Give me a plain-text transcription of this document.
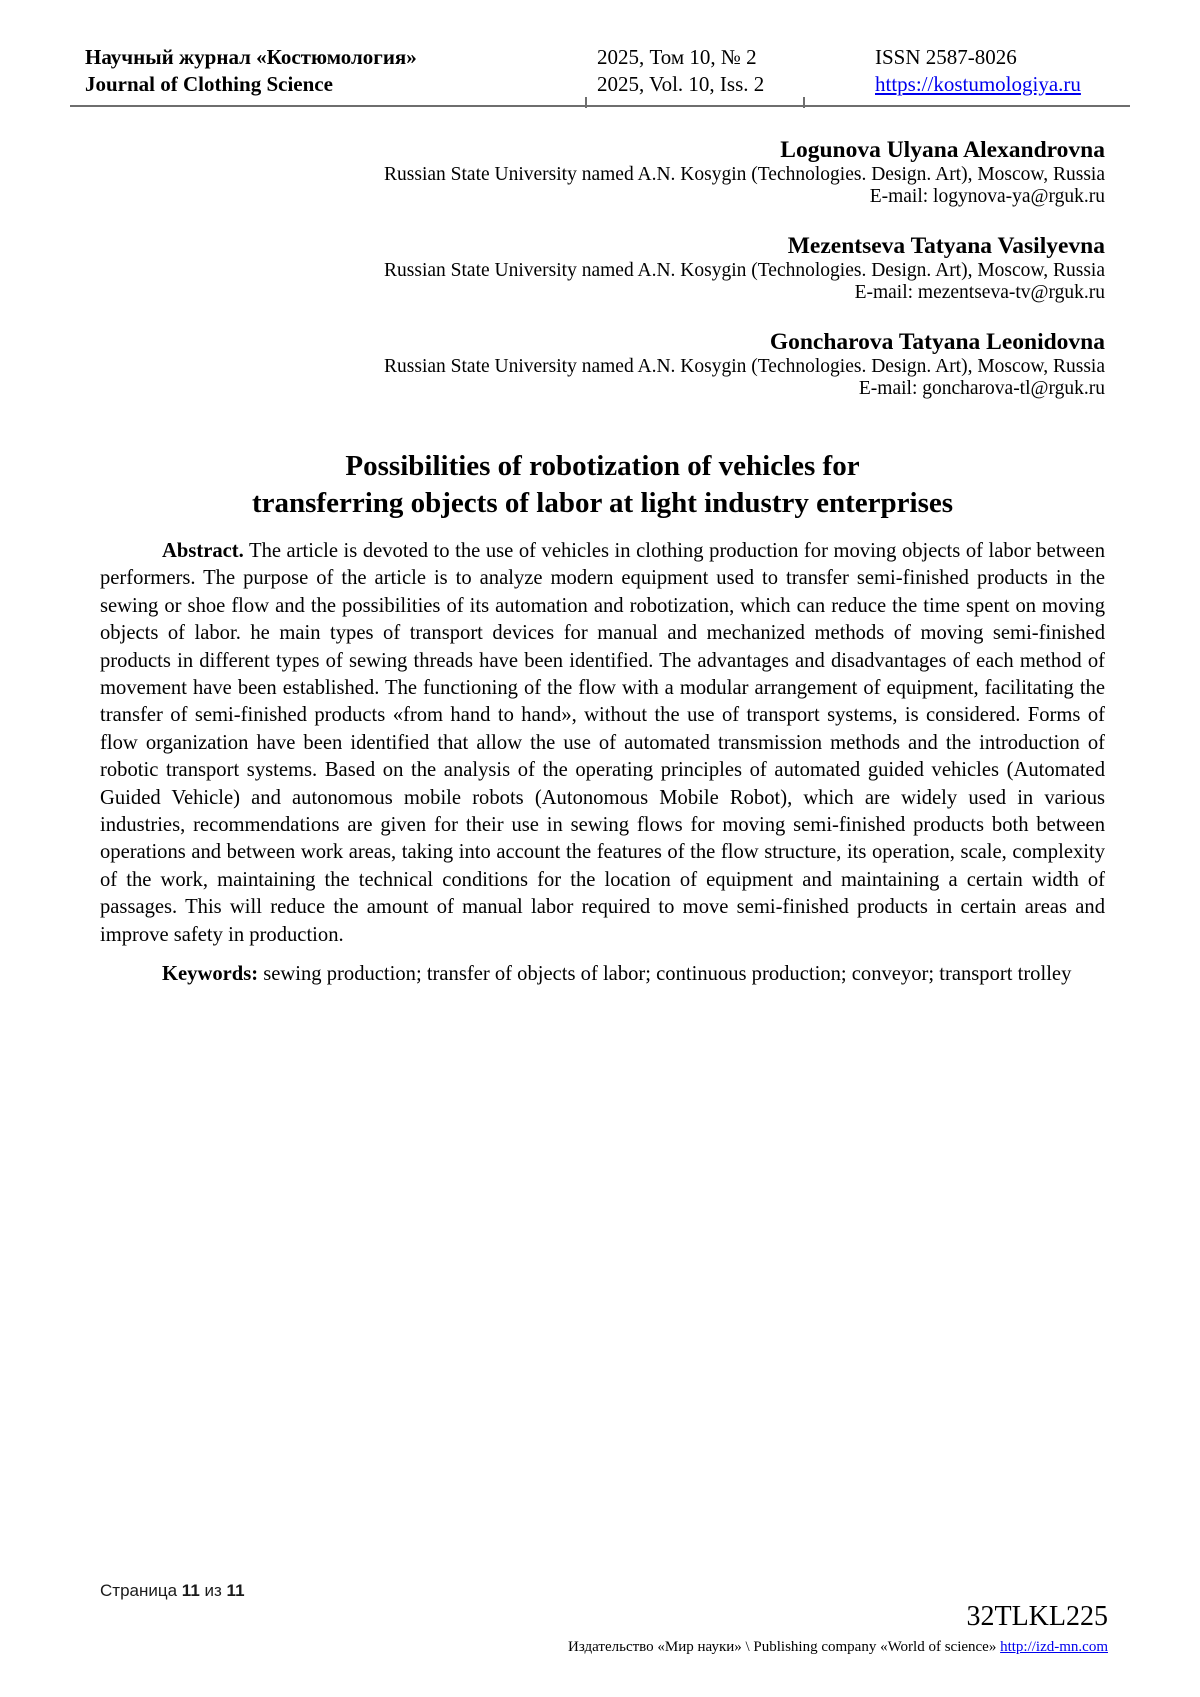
Научный журнал «Костюмология»
Journal of Clothing Science
2025, Том 10, № 2
2025, Vol. 10, Iss. 2
ISSN 2587-8026
https://kostumologiya.ru
Logunova Ulyana Alexandrovna
Russian State University named A.N. Kosygin (Technologies. Design. Art), Moscow, Russia
E-mail: logynova-ya@rguk.ru
Mezentseva Tatyana Vasilyevna
Russian State University named A.N. Kosygin (Technologies. Design. Art), Moscow, Russia
E-mail: mezentseva-tv@rguk.ru
Goncharova Tatyana Leonidovna
Russian State University named A.N. Kosygin (Technologies. Design. Art), Moscow, Russia
E-mail: goncharova-tl@rguk.ru
Possibilities of robotization of vehicles for
transferring objects of labor at light industry enterprises

Abstract. The article is devoted to the use of vehicles in clothing production for moving objects of labor between performers. The purpose of the article is to analyze modern equipment used to transfer semi-finished products in the sewing or shoe flow and the possibilities of its automation and robotization, which can reduce the time spent on moving objects of labor. he main types of transport devices for manual and mechanized methods of moving semi-finished products in different types of sewing threads have been identified. The advantages and disadvantages of each method of movement have been established. The functioning of the flow with a modular arrangement of equipment, facilitating the transfer of semi-finished products «from hand to hand», without the use of transport systems, is considered. Forms of flow organization have been identified that allow the use of automated transmission methods and the introduction of robotic transport systems. Based on the analysis of the operating principles of automated guided vehicles (Automated Guided Vehicle) and autonomous mobile robots (Autonomous Mobile Robot), which are widely used in various industries, recommendations are given for their use in sewing flows for moving semi-finished products both between operations and between work areas, taking into account the features of the flow structure, its operation, scale, complexity of the work, maintaining the technical conditions for the location of equipment and maintaining a certain width of passages. This will reduce the amount of manual labor required to move semi-finished products in certain areas and improve safety in production.

Keywords: sewing production; transfer of objects of labor; continuous production; conveyor; transport trolley

Страница 11 из 11
32TLKL225
Издательство «Мир науки» \ Publishing company «World of science» http://izd-mn.com
